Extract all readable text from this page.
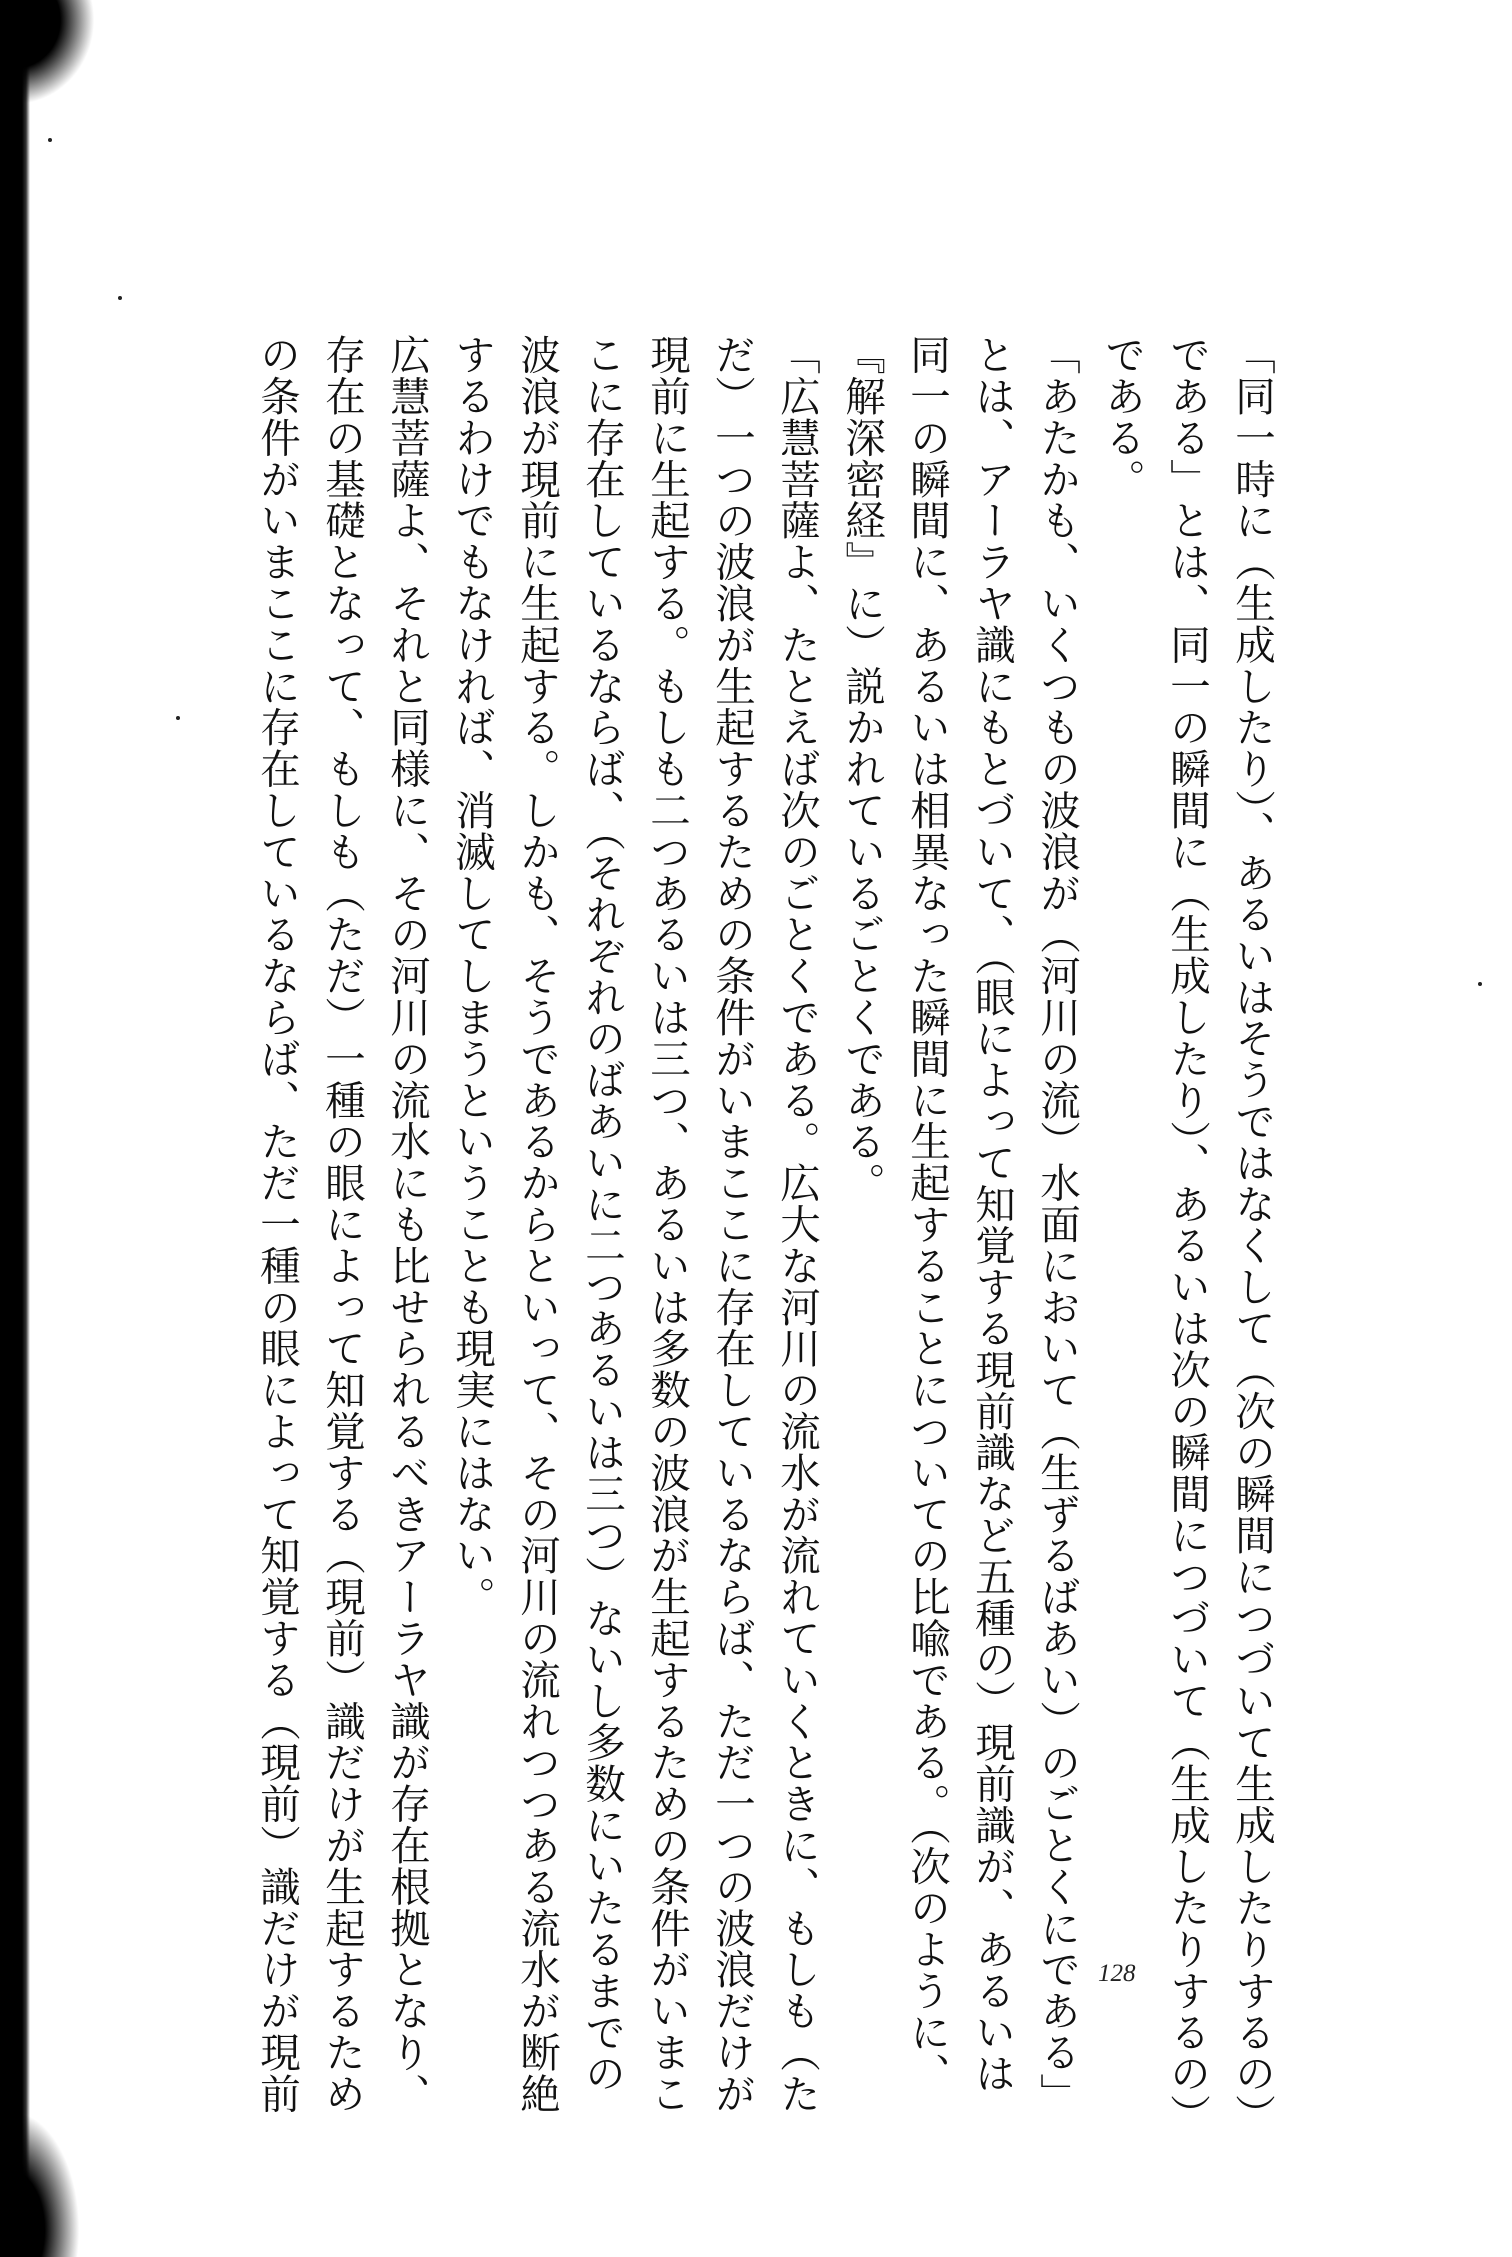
「同一時に（生成したり）、あるいはそうではなくして（次の瞬間につづいて生成したりするの）

である」とは、同一の瞬間に（生成したり）、あるいは次の瞬間につづいて（生成したりするの）

である。

「あたかも、いくつもの波浪が（河川の流）水面において（生ずるばあい）のごとくにである」

とは、アーラヤ識にもとづいて、（眼によって知覚する現前識など五種の）現前識が、あるいは

同一の瞬間に、あるいは相異なった瞬間に生起することについての比喩である。（次のように、

『解深密経』に）説かれているごとくである。

「広慧菩薩よ、たとえば次のごとくである。広大な河川の流水が流れていくときに、もしも（た

だ）一つの波浪が生起するための条件がいまここに存在しているならば、ただ一つの波浪だけが

現前に生起する。もしも二つあるいは三つ、あるいは多数の波浪が生起するための条件がいまこ

こに存在しているならば、（それぞれのばあいに二つあるいは三つ）ないし多数にいたるまでの

波浪が現前に生起する。しかも、そうであるからといって、その河川の流れつつある流水が断絶

するわけでもなければ、消滅してしまうということも現実にはない。

広慧菩薩よ、それと同様に、その河川の流水にも比せられるべきアーラヤ識が存在根拠となり、

存在の基礎となって、もしも（ただ）一種の眼によって知覚する（現前）識だけが生起するため

の条件がいまここに存在しているならば、ただ一種の眼によって知覚する（現前）識だけが現前	128
